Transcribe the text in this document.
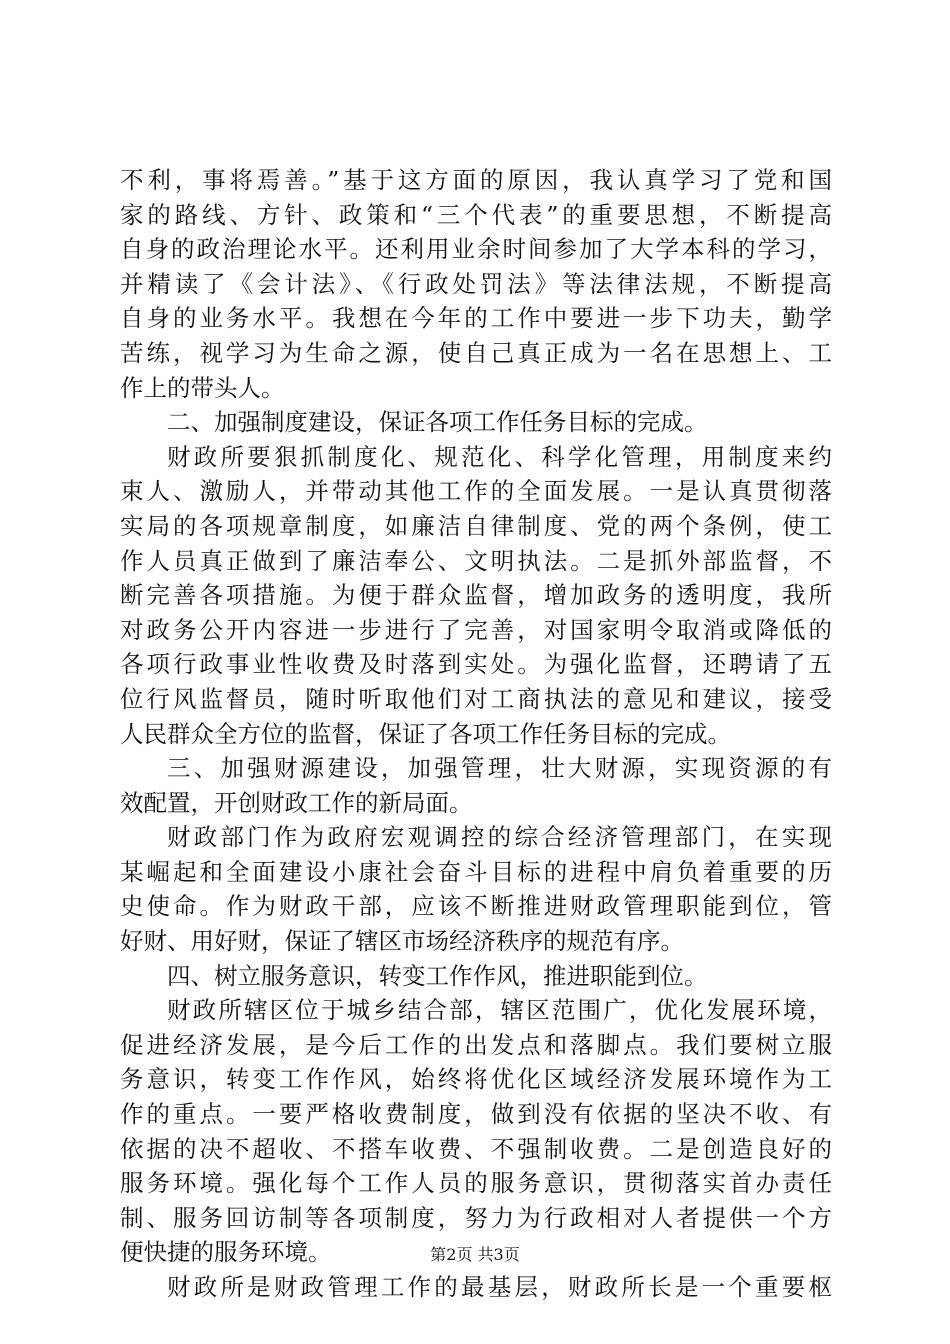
不利，事将焉善。”基于这方面的原因，我认真学习了党和国
家的路线、方针、政策和“三个代表”的重要思想，不断提高
自身的政治理论水平。还利用业余时间参加了大学本科的学习，
并精读了《会计法》、《行政处罚法》等法律法规，不断提高
自身的业务水平。我想在今年的工作中要进一步下功夫，勤学
苦练，视学习为生命之源，使自己真正成为一名在思想上、工
作上的带头人。
二、加强制度建设，保证各项工作任务目标的完成。
财政所要狠抓制度化、规范化、科学化管理，用制度来约
束人、激励人，并带动其他工作的全面发展。一是认真贯彻落
实局的各项规章制度，如廉洁自律制度、党的两个条例，使工
作人员真正做到了廉洁奉公、文明执法。二是抓外部监督，不
断完善各项措施。为便于群众监督，增加政务的透明度，我所
对政务公开内容进一步进行了完善，对国家明令取消或降低的
各项行政事业性收费及时落到实处。为强化监督，还聘请了五
位行风监督员，随时听取他们对工商执法的意见和建议，接受
人民群众全方位的监督，保证了各项工作任务目标的完成。
三、加强财源建设，加强管理，壮大财源，实现资源的有
效配置，开创财政工作的新局面。
财政部门作为政府宏观调控的综合经济管理部门，在实现
某崛起和全面建设小康社会奋斗目标的进程中肩负着重要的历
史使命。作为财政干部，应该不断推进财政管理职能到位，管
好财、用好财，保证了辖区市场经济秩序的规范有序。
四、树立服务意识，转变工作作风，推进职能到位。
财政所辖区位于城乡结合部，辖区范围广，优化发展环境，
促进经济发展，是今后工作的出发点和落脚点。我们要树立服
务意识，转变工作作风，始终将优化区域经济发展环境作为工
作的重点。一要严格收费制度，做到没有依据的坚决不收、有
依据的决不超收、不搭车收费、不强制收费。二是创造良好的
服务环境。强化每个工作人员的服务意识，贯彻落实首办责任
制、服务回访制等各项制度，努力为行政相对人者提供一个方
便快捷的服务环境。
财政所是财政管理工作的最基层，财政所长是一个重要枢
第2页 共3页
